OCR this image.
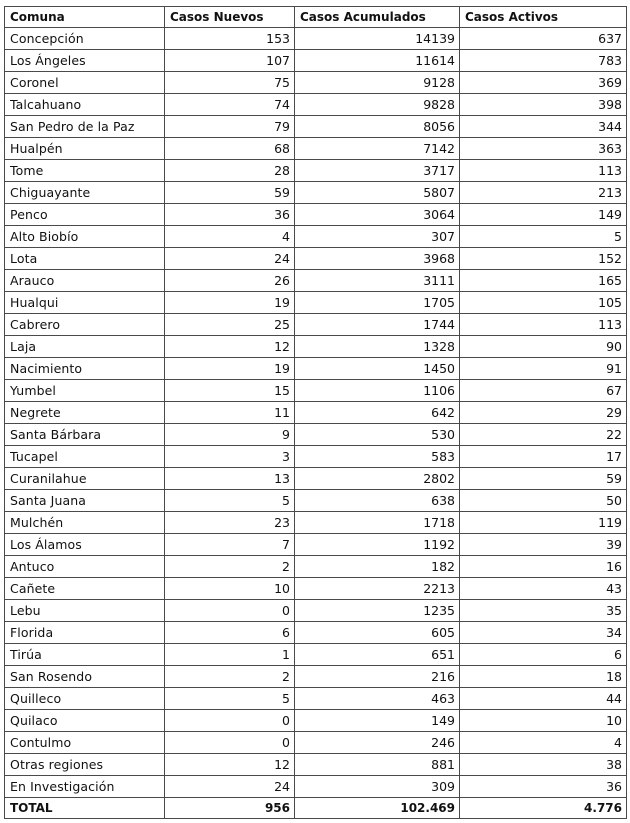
Comuna	Casos Nuevos	Casos Acumulados	Casos Activos
Concepción	153	14139	637
Los Ángeles	107	11614	783
Coronel	75	9128	369
Talcahuano	74	9828	398
San Pedro de la Paz	79	8056	344
Hualpén	68	7142	363
Tome	28	3717	113
Chiguayante	59	5807	213
Penco	36	3064	149
Alto Biobío	4	307	5
Lota	24	3968	152
Arauco	26	3111	165
Hualqui	19	1705	105
Cabrero	25	1744	113
Laja	12	1328	90
Nacimiento	19	1450	91
Yumbel	15	1106	67
Negrete	11	642	29
Santa Bárbara	9	530	22
Tucapel	3	583	17
Curanilahue	13	2802	59
Santa Juana	5	638	50
Mulchén	23	1718	119
Los Álamos	7	1192	39
Antuco	2	182	16
Cañete	10	2213	43
Lebu	0	1235	35
Florida	6	605	34
Tirúa	1	651	6
San Rosendo	2	216	18
Quilleco	5	463	44
Quilaco	0	149	10
Contulmo	0	246	4
Otras regiones	12	881	38
En Investigación	24	309	36
TOTAL	956	102.469	4.776
